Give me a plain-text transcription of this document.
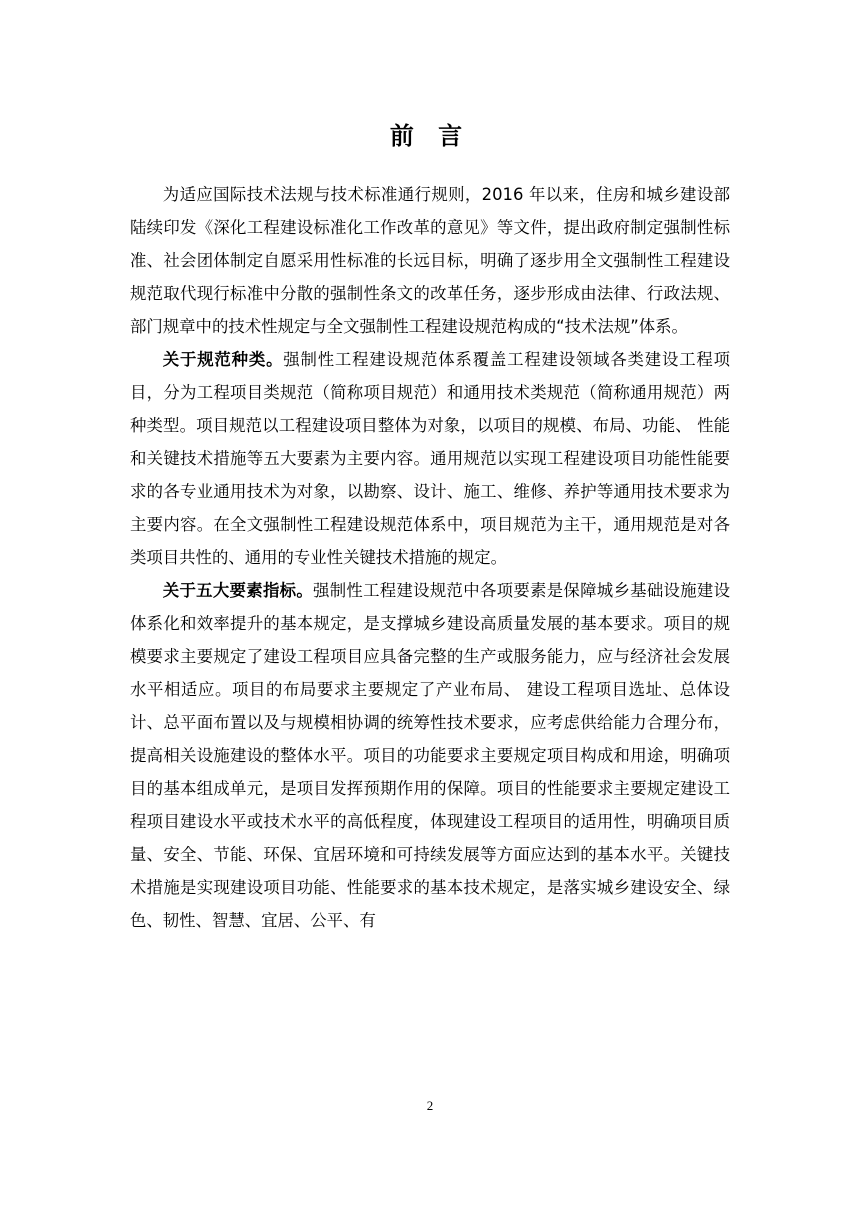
前 言

为适应国际技术法规与技术标准通行规则，2016 年以来，住房和城乡建设部陆续印发《深化工程建设标准化工作改革的意见》等文件，提出政府制定强制性标准、社会团体制定自愿采用性标准的长远目标，明确了逐步用全文强制性工程建设规范取代现行标准中分散的强制性条文的改革任务，逐步形成由法律、行政法规、部门规章中的技术性规定与全文强制性工程建设规范构成的“技术法规”体系。

关于规范种类。强制性工程建设规范体系覆盖工程建设领域各类建设工程项目，分为工程项目类规范（简称项目规范）和通用技术类规范（简称通用规范）两种类型。项目规范以工程建设项目整体为对象，以项目的规模、布局、功能、 性能和关键技术措施等五大要素为主要内容。通用规范以实现工程建设项目功能性能要求的各专业通用技术为对象，以勘察、设计、施工、维修、养护等通用技术要求为主要内容。在全文强制性工程建设规范体系中，项目规范为主干，通用规范是对各类项目共性的、通用的专业性关键技术措施的规定。

关于五大要素指标。强制性工程建设规范中各项要素是保障城乡基础设施建设体系化和效率提升的基本规定，是支撑城乡建设高质量发展的基本要求。项目的规模要求主要规定了建设工程项目应具备完整的生产或服务能力，应与经济社会发展水平相适应。项目的布局要求主要规定了产业布局、 建设工程项目选址、总体设计、总平面布置以及与规模相协调的统筹性技术要求，应考虑供给能力合理分布，提高相关设施建设的整体水平。项目的功能要求主要规定项目构成和用途，明确项目的基本组成单元，是项目发挥预期作用的保障。项目的性能要求主要规定建设工程项目建设水平或技术水平的高低程度，体现建设工程项目的适用性，明确项目质量、安全、节能、环保、宜居环境和可持续发展等方面应达到的基本水平。关键技术措施是实现建设项目功能、性能要求的基本技术规定，是落实城乡建设安全、绿色、韧性、智慧、宜居、公平、有

2
